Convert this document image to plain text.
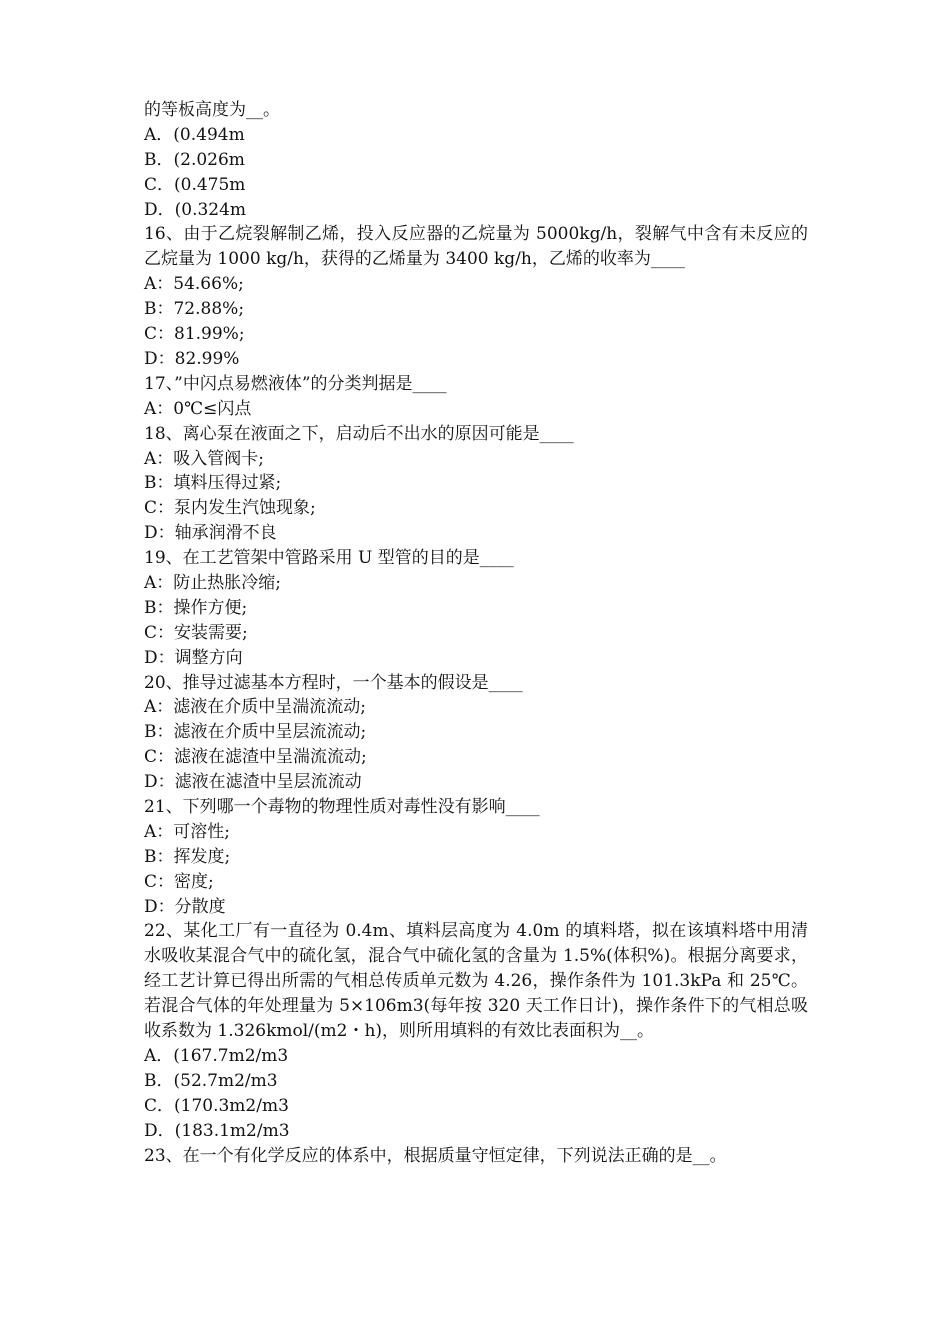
的等板高度为__。
A．(0.494m
B．(2.026m
C．(0.475m
D．(0.324m
16、由于乙烷裂解制乙烯，投入反应器的乙烷量为 5000kg/h，裂解气中含有未反应的乙烷量为 1000 kg/h，获得的乙烯量为 3400 kg/h，乙烯的收率为____
A：54.66%;
B：72.88%;
C：81.99%;
D：82.99%
17、”中闪点易燃液体”的分类判据是____
A：0℃≤闪点
18、离心泵在液面之下，启动后不出水的原因可能是____
A：吸入管阀卡;
B：填料压得过紧;
C：泵内发生汽蚀现象;
D：轴承润滑不良
19、在工艺管架中管路采用 U 型管的目的是____
A：防止热胀冷缩;
B：操作方便;
C：安装需要;
D：调整方向
20、推导过滤基本方程时，一个基本的假设是____
A：滤液在介质中呈湍流流动;
B：滤液在介质中呈层流流动;
C：滤液在滤渣中呈湍流流动;
D：滤液在滤渣中呈层流流动
21、下列哪一个毒物的物理性质对毒性没有影响____
A：可溶性;
B：挥发度;
C：密度;
D：分散度
22、某化工厂有一直径为 0.4m、填料层高度为 4.0m 的填料塔，拟在该填料塔中用清水吸收某混合气中的硫化氢，混合气中硫化氢的含量为 1.5%(体积%)。根据分离要求，经工艺计算已得出所需的气相总传质单元数为 4.26，操作条件为 101.3kPa 和 25℃。若混合气体的年处理量为 5×106m3(每年按 320 天工作日计)，操作条件下的气相总吸收系数为 1.326kmol/(m2・h)，则所用填料的有效比表面积为__。
A．(167.7m2/m3
B．(52.7m2/m3
C．(170.3m2/m3
D．(183.1m2/m3
23、在一个有化学反应的体系中，根据质量守恒定律，下列说法正确的是__。
